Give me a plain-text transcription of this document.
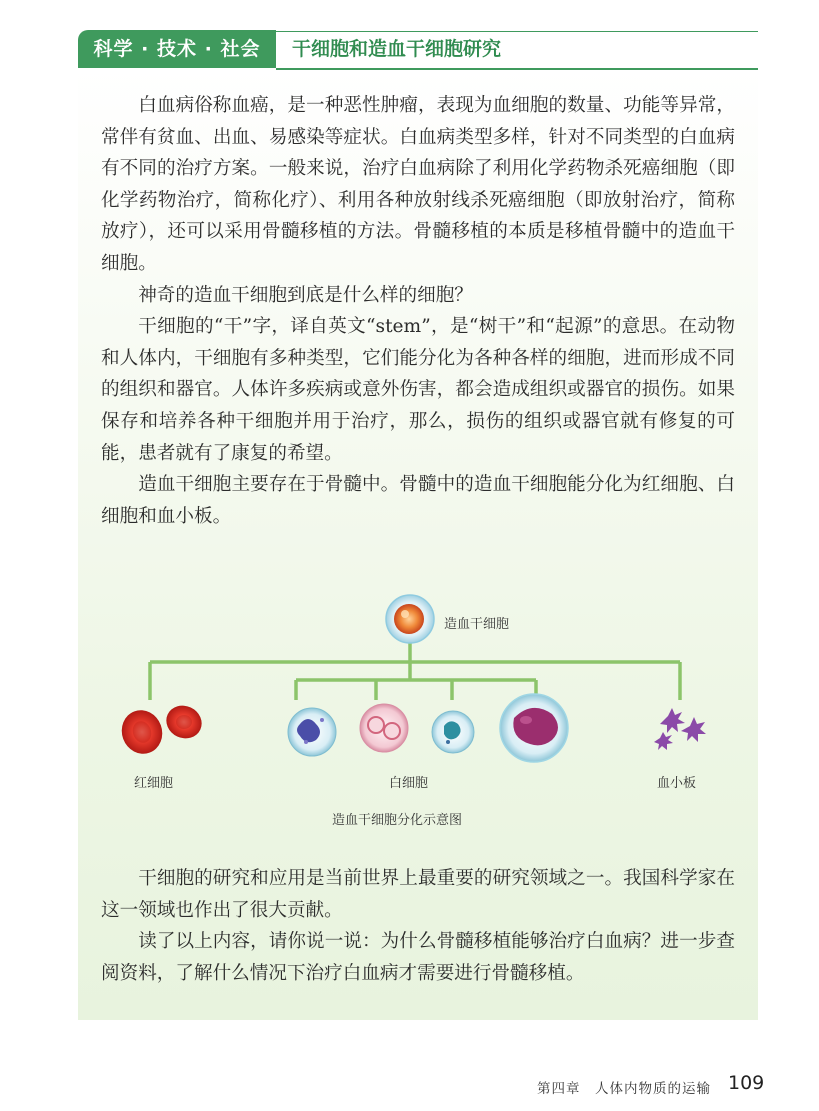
科学 · 技术 · 社会	干细胞和造血干细胞研究

白血病俗称血癌，是一种恶性肿瘤，表现为血细胞的数量、功能等异常，常伴有贫血、出血、易感染等症状。白血病类型多样，针对不同类型的白血病有不同的治疗方案。一般来说，治疗白血病除了利用化学药物杀死癌细胞（即化学药物治疗，简称化疗）、利用各种放射线杀死癌细胞（即放射治疗，简称放疗），还可以采用骨髓移植的方法。骨髓移植的本质是移植骨髓中的造血干细胞。

神奇的造血干细胞到底是什么样的细胞？

干细胞的“干”字，译自英文“stem”，是“树干”和“起源”的意思。在动物和人体内，干细胞有多种类型，它们能分化为各种各样的细胞，进而形成不同的组织和器官。人体许多疾病或意外伤害，都会造成组织或器官的损伤。如果保存和培养各种干细胞并用于治疗，那么，损伤的组织或器官就有修复的可能，患者就有了康复的希望。

造血干细胞主要存在于骨髓中。骨髓中的造血干细胞能分化为红细胞、白细胞和血小板。

造血干细胞
红细胞	白细胞	血小板
造血干细胞分化示意图

干细胞的研究和应用是当前世界上最重要的研究领域之一。我国科学家在这一领域也作出了很大贡献。

读了以上内容，请你说一说：为什么骨髓移植能够治疗白血病？进一步查阅资料，了解什么情况下治疗白血病才需要进行骨髓移植。

第四章　人体内物质的运输 109
